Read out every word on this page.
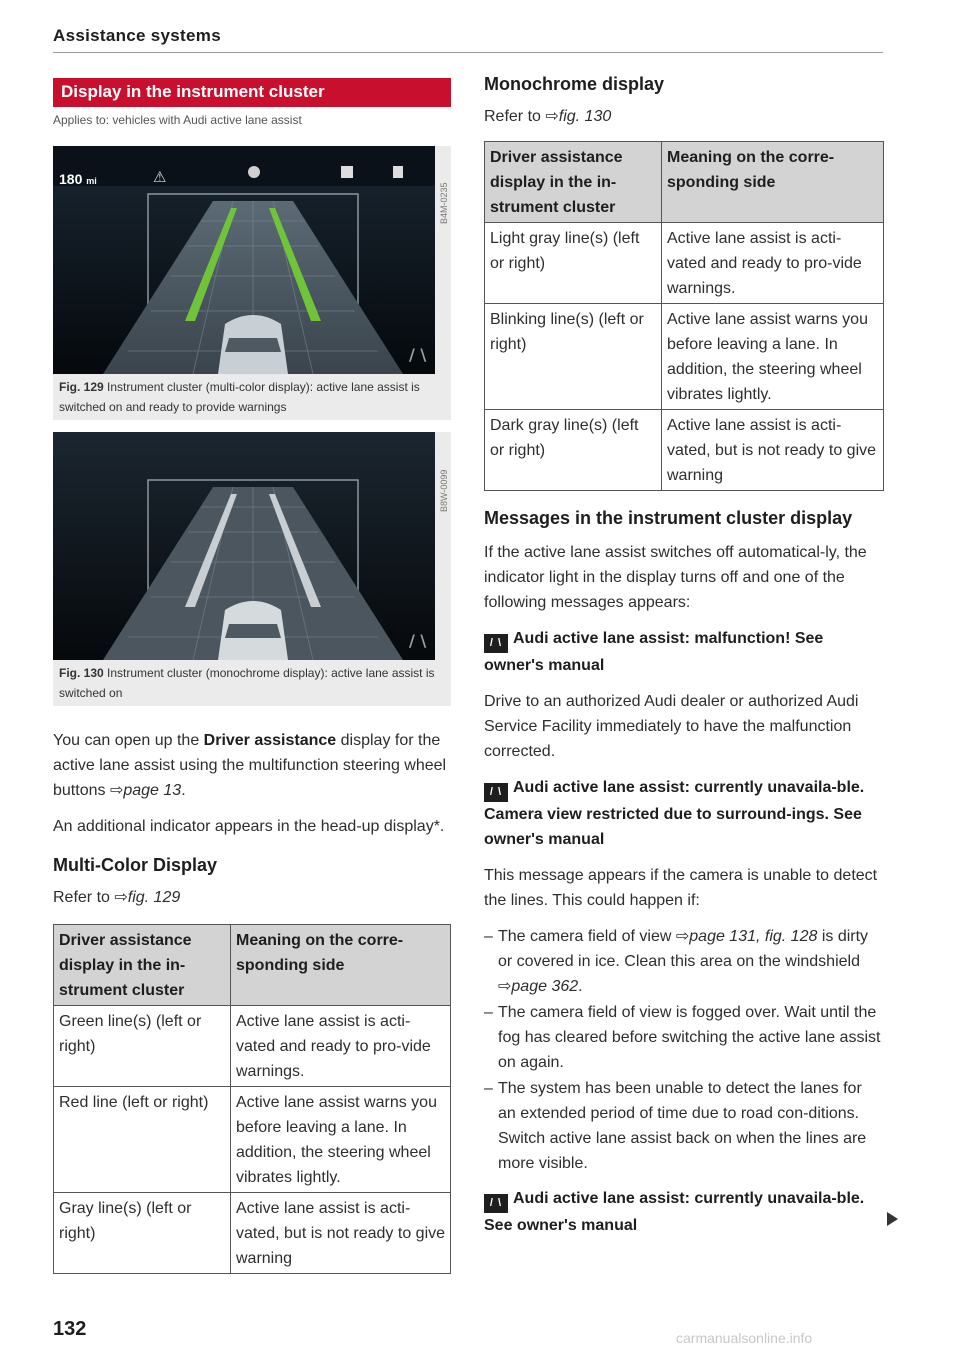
Assistance systems
Display in the instrument cluster
Applies to: vehicles with Audi active lane assist
/ \
180 mi	⚠
B4M-0235
Fig. 129 Instrument cluster (multi-color display): active lane assist is switched on and ready to provide warnings
/ \
B8W-0099
Fig. 130 Instrument cluster (monochrome display): active lane assist is switched on

You can open up the Driver assistance display for the active lane assist using the multifunction steering wheel buttons ⇨page 13.

An additional indicator appears in the head-up display*.

Multi-Color Display

Refer to ⇨fig. 129

Driver assistance display in the in-strument cluster	Meaning on the corre-sponding side
Green line(s) (left or right)	Active lane assist is acti-vated and ready to pro-vide warnings.
Red line (left or right)	Active lane assist warns you before leaving a lane. In addition, the steering wheel vibrates lightly.
Gray line(s) (left or right)	Active lane assist is acti-vated, but is not ready to give warning
Monochrome display

Refer to ⇨fig. 130

Driver assistance display in the in-strument cluster	Meaning on the corre-sponding side
Light gray line(s) (left or right)	Active lane assist is acti-vated and ready to pro-vide warnings.
Blinking line(s) (left or right)	Active lane assist warns you before leaving a lane. In addition, the steering wheel vibrates lightly.
Dark gray line(s) (left or right)	Active lane assist is acti-vated, but is not ready to give warning
Messages in the instrument cluster display

If the active lane assist switches off automatical-ly, the indicator light in the display turns off and one of the following messages appears:

/ \ Audi active lane assist: malfunction! See owner's manual

Drive to an authorized Audi dealer or authorized Audi Service Facility immediately to have the malfunction corrected.

/ \ Audi active lane assist: currently unavaila-ble. Camera view restricted due to surround-ings. See owner's manual

This message appears if the camera is unable to detect the lines. This could happen if:

– The camera field of view ⇨page 131, fig. 128 is dirty or covered in ice. Clean this area on the windshield ⇨page 362.
– The camera field of view is fogged over. Wait until the fog has cleared before switching the active lane assist on again.
– The system has been unable to detect the lanes for an extended period of time due to road con-ditions. Switch active lane assist back on when the lines are more visible.
/ \ Audi active lane assist: currently unavaila-ble. See owner's manual
132	carmanualsonline.info
